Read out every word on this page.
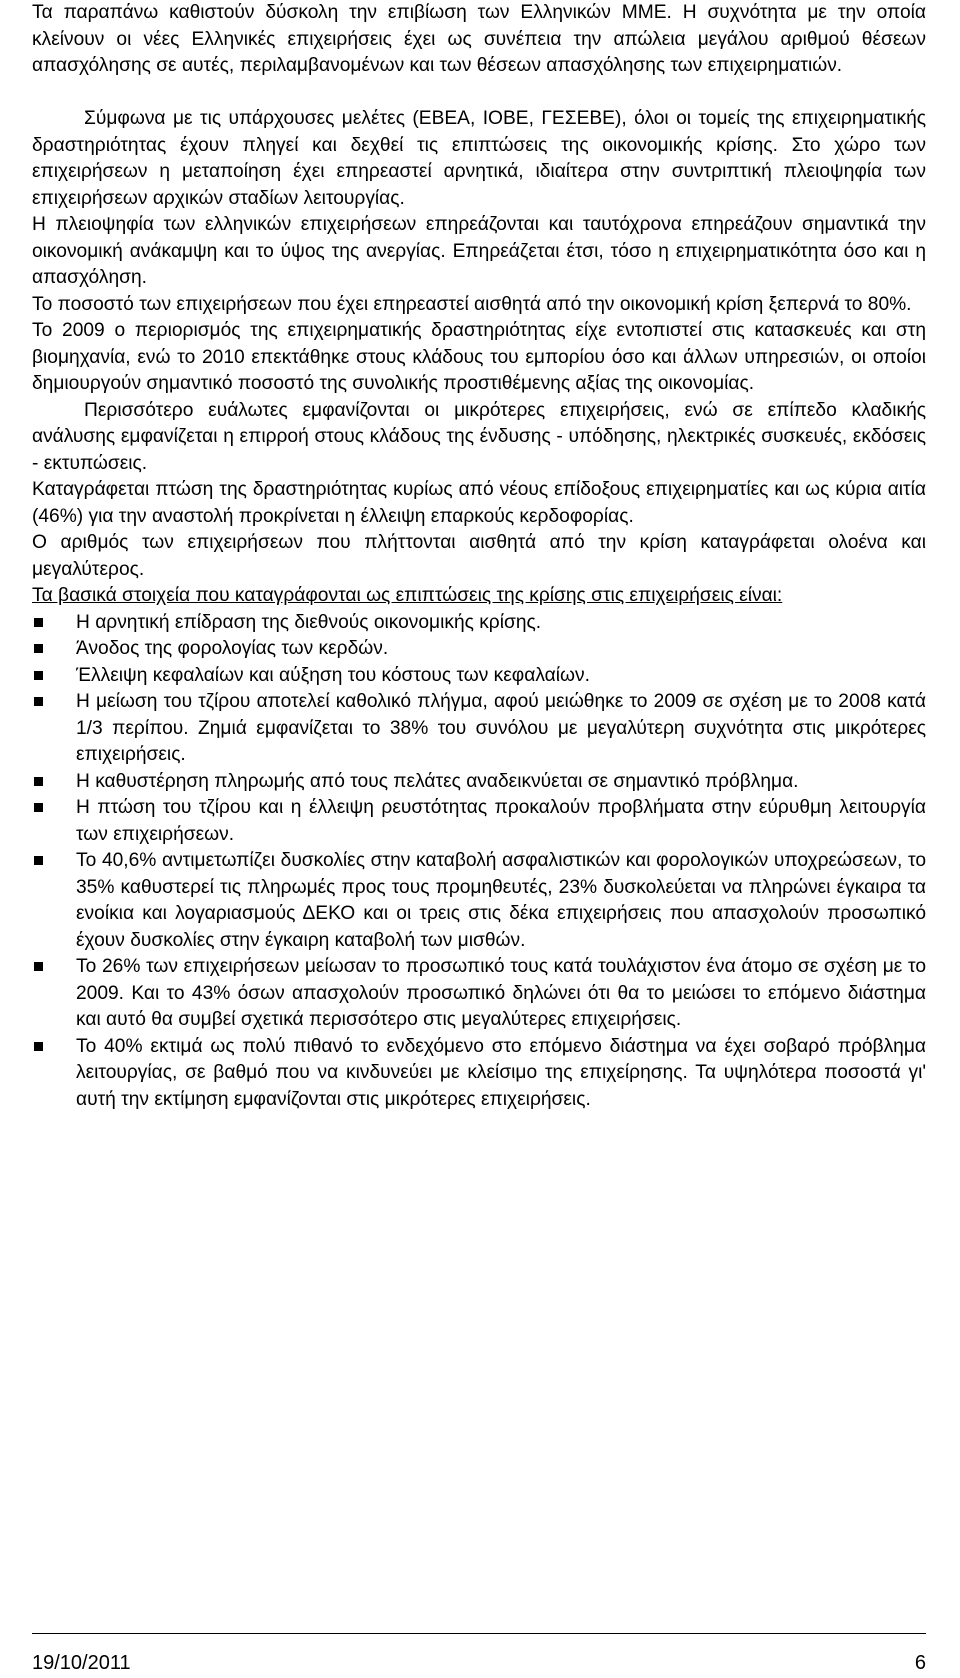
Τα παραπάνω καθιστούν δύσκολη την επιβίωση των Ελληνικών ΜΜΕ. Η συχνότητα με την οποία κλείνουν οι νέες Ελληνικές επιχειρήσεις έχει ως συνέπεια την απώλεια μεγάλου αριθμού θέσεων απασχόλησης σε αυτές, περιλαμβανομένων και των θέσεων απασχόλησης των επιχειρηματιών.

Σύμφωνα με τις υπάρχουσες μελέτες (ΕΒΕΑ, ΙΟΒΕ, ΓΕΣΕΒΕ), όλοι οι τομείς της επιχειρηματικής δραστηριότητας έχουν πληγεί και δεχθεί τις επιπτώσεις της οικονομικής κρίσης. Στο χώρο των επιχειρήσεων η μεταποίηση έχει επηρεαστεί αρνητικά, ιδιαίτερα στην συντριπτική πλειοψηφία των επιχειρήσεων αρχικών σταδίων λειτουργίας.

Η πλειοψηφία των ελληνικών επιχειρήσεων επηρεάζονται και ταυτόχρονα επηρεάζουν σημαντικά την οικονομική ανάκαμψη και το ύψος της ανεργίας. Επηρεάζεται έτσι, τόσο η επιχειρηματικότητα όσο και η απασχόληση.

Το ποσοστό των επιχειρήσεων που έχει επηρεαστεί αισθητά από την οικονομική κρίση ξεπερνά το 80%.

Το 2009 ο περιορισμός της επιχειρηματικής δραστηριότητας είχε εντοπιστεί στις κατασκευές και στη βιομηχανία, ενώ το 2010 επεκτάθηκε στους κλάδους του εμπορίου όσο και άλλων υπηρεσιών, οι οποίοι δημιουργούν σημαντικό ποσοστό της συνολικής προστιθέμενης αξίας της οικονομίας.

Περισσότερο ευάλωτες εμφανίζονται οι μικρότερες επιχειρήσεις, ενώ σε επίπεδο κλαδικής ανάλυσης εμφανίζεται η επιρροή στους κλάδους της ένδυσης - υπόδησης, ηλεκτρικές συσκευές, εκδόσεις - εκτυπώσεις.

Καταγράφεται πτώση της δραστηριότητας κυρίως από νέους επίδοξους επιχειρηματίες και ως κύρια αιτία (46%) για την αναστολή προκρίνεται η έλλειψη επαρκούς κερδοφορίας.

Ο αριθμός των επιχειρήσεων που πλήττονται αισθητά από την κρίση καταγράφεται ολοένα και μεγαλύτερος.

Τα βασικά στοιχεία που καταγράφονται ως επιπτώσεις της κρίσης στις επιχειρήσεις είναι:

Η αρνητική επίδραση της διεθνούς οικονομικής κρίσης.
Άνοδος της φορολογίας των κερδών.
Έλλειψη κεφαλαίων και αύξηση του κόστους των κεφαλαίων.
Η μείωση του τζίρου αποτελεί καθολικό πλήγμα, αφού μειώθηκε το 2009 σε σχέση με το 2008 κατά 1/3 περίπου. Ζημιά εμφανίζεται το 38% του συνόλου με μεγαλύτερη συχνότητα στις μικρότερες επιχειρήσεις.
Η καθυστέρηση πληρωμής από τους πελάτες αναδεικνύεται σε σημαντικό πρόβλημα.
Η πτώση του τζίρου και η έλλειψη ρευστότητας προκαλούν προβλήματα στην εύρυθμη λειτουργία των επιχειρήσεων.
Το 40,6% αντιμετωπίζει δυσκολίες στην καταβολή ασφαλιστικών και φορολογικών υποχρεώσεων, το 35% καθυστερεί τις πληρωμές προς τους προμηθευτές, 23% δυσκολεύεται να πληρώνει έγκαιρα τα ενοίκια και λογαριασμούς ΔΕΚΟ και οι τρεις στις δέκα επιχειρήσεις που απασχολούν προσωπικό έχουν δυσκολίες στην έγκαιρη καταβολή των μισθών.
Το 26% των επιχειρήσεων μείωσαν το προσωπικό τους κατά τουλάχιστον ένα άτομο σε σχέση με το 2009. Και το 43% όσων απασχολούν προσωπικό δηλώνει ότι θα το μειώσει το επόμενο διάστημα και αυτό θα συμβεί σχετικά περισσότερο στις μεγαλύτερες επιχειρήσεις.
Το 40% εκτιμά ως πολύ πιθανό το ενδεχόμενο στο επόμενο διάστημα να έχει σοβαρό πρόβλημα λειτουργίας, σε βαθμό που να κινδυνεύει με κλείσιμο της επιχείρησης. Τα υψηλότερα ποσοστά γι' αυτή την εκτίμηση εμφανίζονται στις μικρότερες επιχειρήσεις.
19/10/2011	6
